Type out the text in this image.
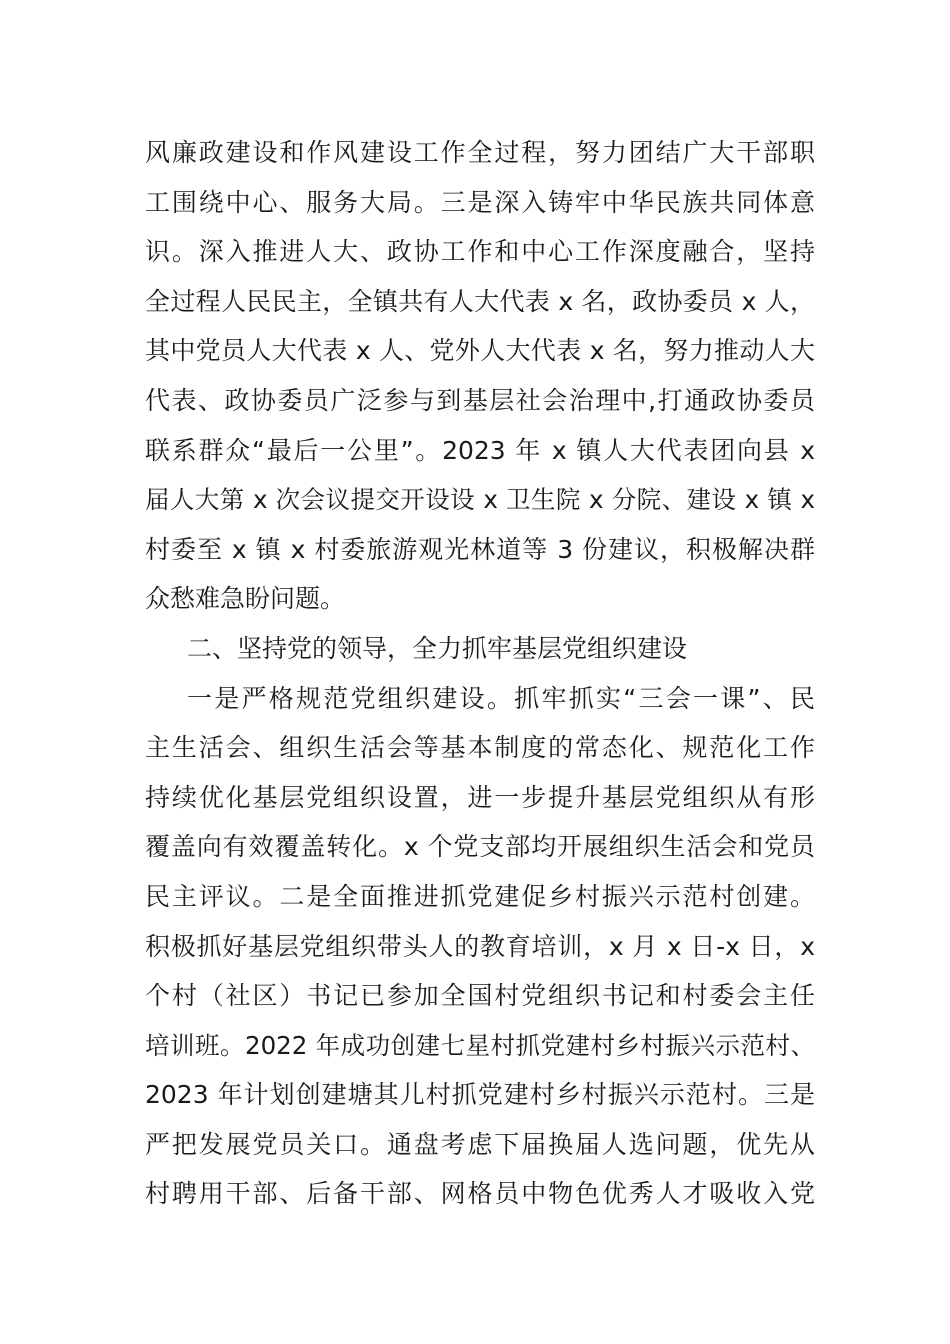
风廉政建设和作风建设工作全过程，努力团结广大干部职
工围绕中心、服务大局。三是深入铸牢中华民族共同体意
识。深入推进人大、政协工作和中心工作深度融合，坚持
全过程人民民主，全镇共有人大代表 x 名，政协委员 x 人，
其中党员人大代表 x 人、党外人大代表 x 名，努力推动人大
代表、政协委员广泛参与到基层社会治理中,打通政协委员
联系群众“最后一公里”。2023 年 x 镇人大代表团向县 x
届人大第 x 次会议提交开设设 x 卫生院 x 分院、建设 x 镇 x
村委至 x 镇 x 村委旅游观光林道等 3 份建议，积极解决群
众愁难急盼问题。
二、坚持党的领导，全力抓牢基层党组织建设
一是严格规范党组织建设。抓牢抓实“三会一课”、民
主生活会、组织生活会等基本制度的常态化、规范化工作
持续优化基层党组织设置，进一步提升基层党组织从有形
覆盖向有效覆盖转化。x 个党支部均开展组织生活会和党员
民主评议。二是全面推进抓党建促乡村振兴示范村创建。
积极抓好基层党组织带头人的教育培训，x 月 x 日-x 日，x
个村（社区）书记已参加全国村党组织书记和村委会主任
培训班。2022 年成功创建七星村抓党建村乡村振兴示范村、
2023 年计划创建塘其儿村抓党建村乡村振兴示范村。三是
严把发展党员关口。通盘考虑下届换届人选问题，优先从
村聘用干部、后备干部、网格员中物色优秀人才吸收入党
